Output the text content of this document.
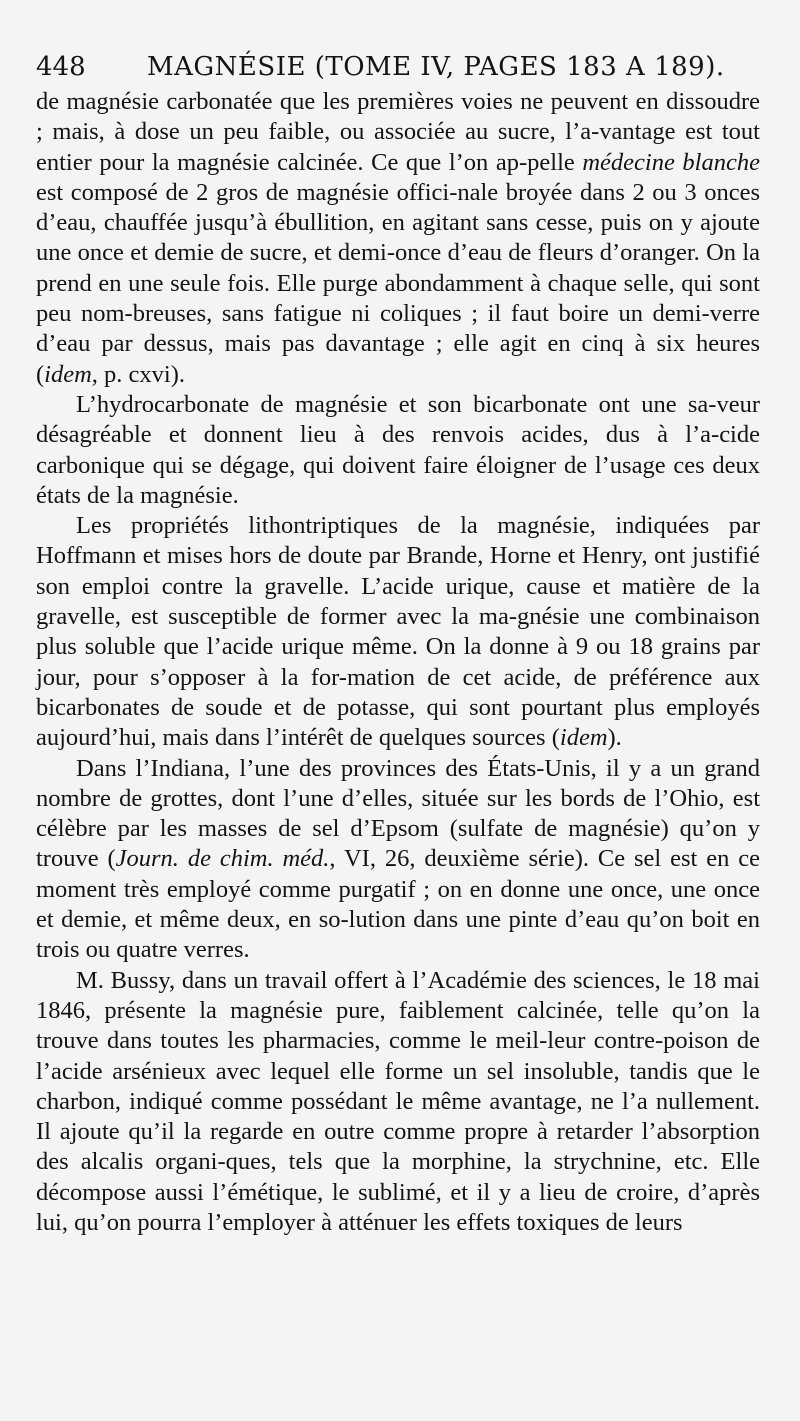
448 MAGNÉSIE (TOME IV, PAGES 183 A 189).

de magnésie carbonatée que les premières voies ne peuvent en dissoudre ; mais, à dose un peu faible, ou associée au sucre, l’a-vantage est tout entier pour la magnésie calcinée. Ce que l’on ap-pelle médecine blanche est composé de 2 gros de magnésie offici-nale broyée dans 2 ou 3 onces d’eau, chauffée jusqu’à ébullition, en agitant sans cesse, puis on y ajoute une once et demie de sucre, et demi-once d’eau de fleurs d’oranger. On la prend en une seule fois. Elle purge abondamment à chaque selle, qui sont peu nom-breuses, sans fatigue ni coliques ; il faut boire un demi-verre d’eau par dessus, mais pas davantage ; elle agit en cinq à six heures (idem, p. cxvi).

L’hydrocarbonate de magnésie et son bicarbonate ont une sa-veur désagréable et donnent lieu à des renvois acides, dus à l’a-cide carbonique qui se dégage, qui doivent faire éloigner de l’usage ces deux états de la magnésie.

Les propriétés lithontriptiques de la magnésie, indiquées par Hoffmann et mises hors de doute par Brande, Horne et Henry, ont justifié son emploi contre la gravelle. L’acide urique, cause et matière de la gravelle, est susceptible de former avec la ma-gnésie une combinaison plus soluble que l’acide urique même. On la donne à 9 ou 18 grains par jour, pour s’opposer à la for-mation de cet acide, de préférence aux bicarbonates de soude et de potasse, qui sont pourtant plus employés aujourd’hui, mais dans l’intérêt de quelques sources (idem).

Dans l’Indiana, l’une des provinces des États-Unis, il y a un grand nombre de grottes, dont l’une d’elles, située sur les bords de l’Ohio, est célèbre par les masses de sel d’Epsom (sulfate de magnésie) qu’on y trouve (Journ. de chim. méd., VI, 26, deuxième série). Ce sel est en ce moment très employé comme purgatif ; on en donne une once, une once et demie, et même deux, en so-lution dans une pinte d’eau qu’on boit en trois ou quatre verres.

M. Bussy, dans un travail offert à l’Académie des sciences, le 18 mai 1846, présente la magnésie pure, faiblement calcinée, telle qu’on la trouve dans toutes les pharmacies, comme le meil-leur contre-poison de l’acide arsénieux avec lequel elle forme un sel insoluble, tandis que le charbon, indiqué comme possédant le même avantage, ne l’a nullement. Il ajoute qu’il la regarde en outre comme propre à retarder l’absorption des alcalis organi-ques, tels que la morphine, la strychnine, etc. Elle décompose aussi l’émétique, le sublimé, et il y a lieu de croire, d’après lui, qu’on pourra l’employer à atténuer les effets toxiques de leurs
